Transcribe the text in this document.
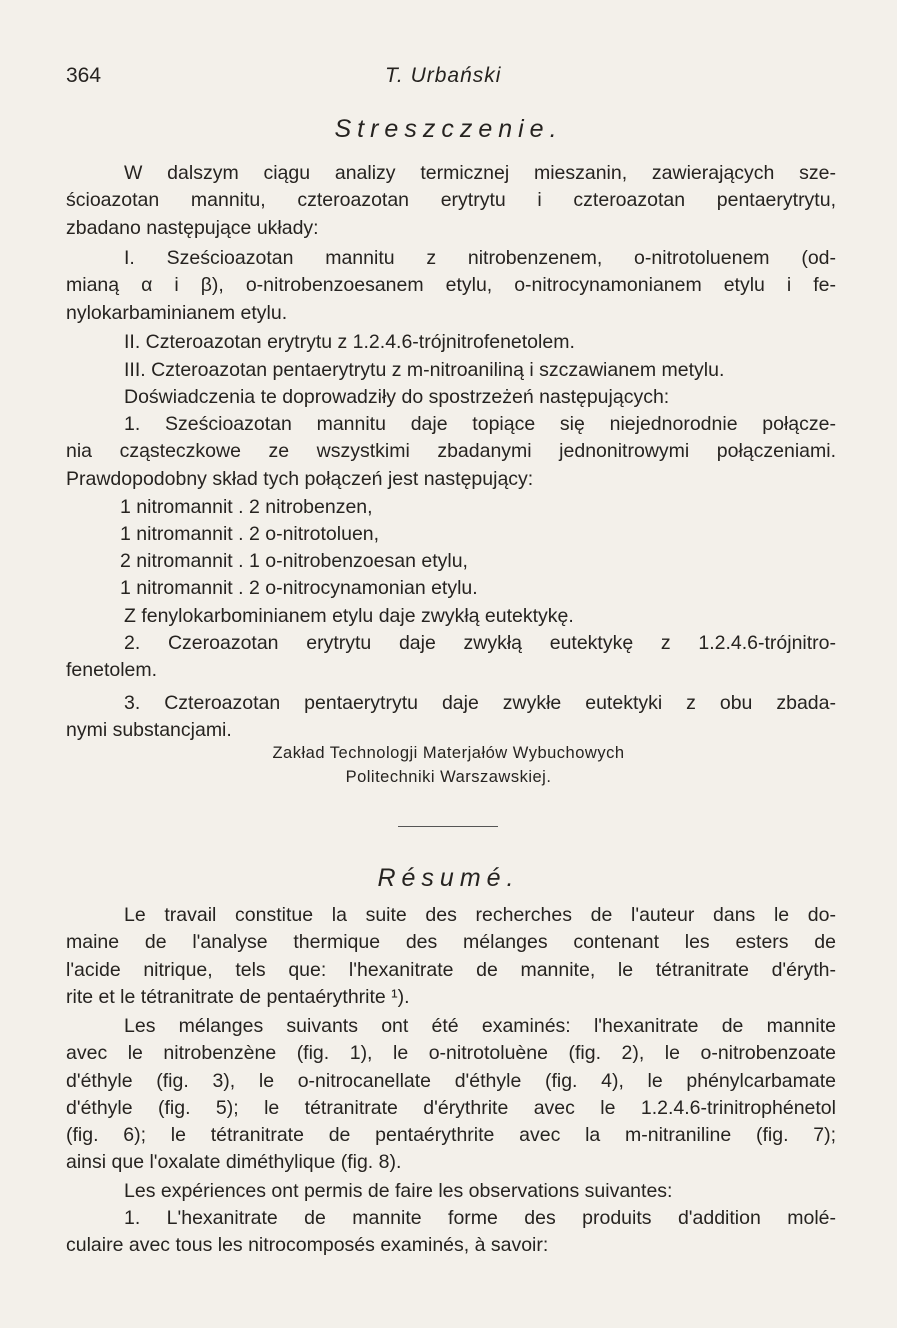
364	T. Urbański
Streszczenie.
W dalszym ciągu analizy termicznej mieszanin, zawierających sze-
ścioazotan mannitu, czteroazotan erytrytu i czteroazotan pentaerytrytu,
zbadano następujące układy:
I. Sześcioazotan mannitu z nitrobenzenem, o-nitrotoluenem (od-
mianą α i β), o-nitrobenzoesanem etylu, o-nitrocynamonianem etylu i fe-
nylokarbaminianem etylu.
II. Czteroazotan erytrytu z 1.2.4.6-trójnitrofenetolem.
III. Czteroazotan pentaerytrytu z m-nitroaniliną i szczawianem metylu.
Doświadczenia te doprowadziły do spostrzeżeń następujących:
1. Sześcioazotan mannitu daje topiące się niejednorodnie połącze-
nia cząsteczkowe ze wszystkimi zbadanymi jednonitrowymi połączeniami.
Prawdopodobny skład tych połączeń jest następujący:
1 nitromannit . 2 nitrobenzen,
1 nitromannit . 2 o-nitrotoluen,
2 nitromannit . 1 o-nitrobenzoesan etylu,
1 nitromannit . 2 o-nitrocynamonian etylu.
Z fenylokarbominianem etylu daje zwykłą eutektykę.
2. Czeroazotan erytrytu daje zwykłą eutektykę z 1.2.4.6-trójnitro-
fenetolem.
3. Czteroazotan pentaerytrytu daje zwykłe eutektyki z obu zbada-
nymi substancjami.
Zakład Technologji Materjałów Wybuchowych
Politechniki Warszawskiej.
Résumé.
Le travail constitue la suite des recherches de l'auteur dans le do-
maine de l'analyse thermique des mélanges contenant les esters de
l'acide nitrique, tels que: l'hexanitrate de mannite, le tétranitrate d'éryth-
rite et le tétranitrate de pentaérythrite ¹).
Les mélanges suivants ont été examinés: l'hexanitrate de mannite
avec le nitrobenzène (fig. 1), le o-nitrotoluène (fig. 2), le o-nitrobenzoate
d'éthyle (fig. 3), le o-nitrocanellate d'éthyle (fig. 4), le phénylcarbamate
d'éthyle (fig. 5); le tétranitrate d'érythrite avec le 1.2.4.6-trinitrophénetol
(fig. 6); le tétranitrate de pentaérythrite avec la m-nitraniline (fig. 7);
ainsi que l'oxalate diméthylique (fig. 8).
Les expériences ont permis de faire les observations suivantes:
1. L'hexanitrate de mannite forme des produits d'addition molé-
culaire avec tous les nitrocomposés examinés, à savoir:
